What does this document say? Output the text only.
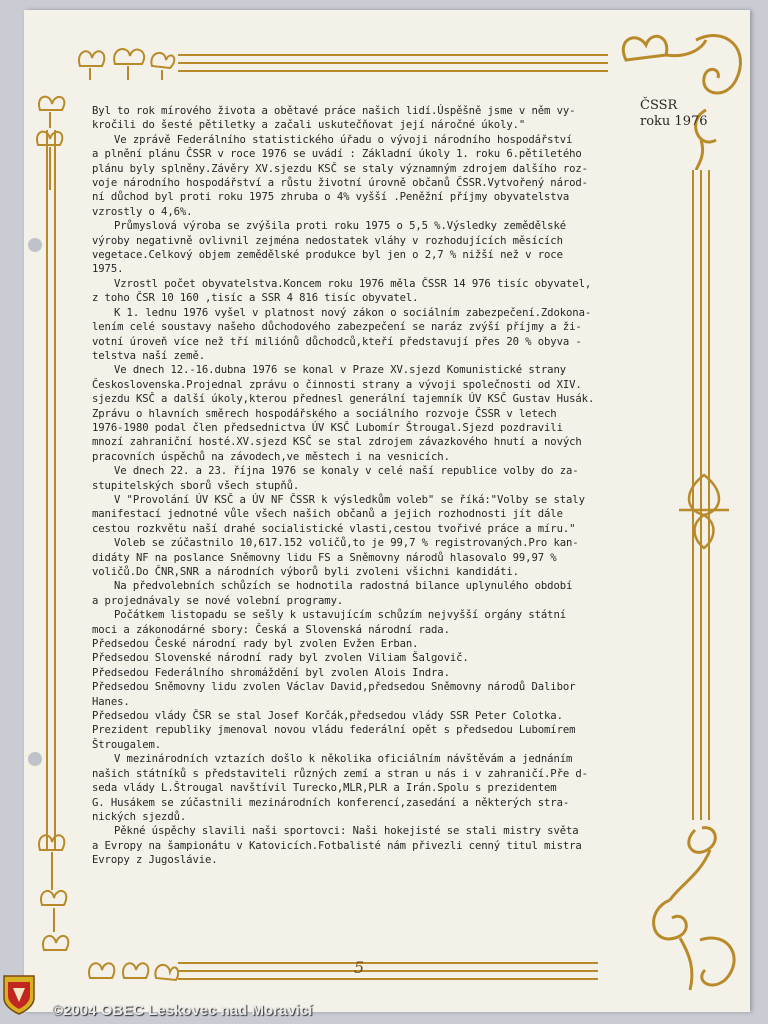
ČSSR
roku 1976

Byl to rok mírového života a obětavé práce našich lidí.Úspěšně jsme v něm vy-
kročili do šesté pětiletky a začali uskutečňovat její náročné úkoly."

Ve zprávě Federálního statistického úřadu o vývoji národního hospodářství
a plnění plánu ČSSR v roce 1976 se uvádí : Základní úkoly 1. roku 6.pětiletého
plánu byly splněny.Závěry XV.sjezdu KSČ se staly významným zdrojem dalšího roz-
voje národního hospodářství a růstu životní úrovně občanů ČSSR.Vytvořený národ-
ní důchod byl proti roku 1975 zhruba o 4% vyšší .Peněžní příjmy obyvatelstva
vzrostly o 4,6%.

Průmyslová výroba se zvýšila proti roku 1975 o 5,5 %.Výsledky zemědělské
výroby negativně ovlivnil zejména nedostatek vláhy v rozhodujících měsících
vegetace.Celkový objem zemědělské produkce byl jen o 2,7 % nižší než v roce
1975.

Vzrostl počet obyvatelstva.Koncem roku 1976 měla ČSSR 14 976 tisíc obyvatel,
z toho ČSR 10 160 ,tisíc a SSR 4 816 tisíc obyvatel.

K 1. lednu 1976 vyšel v platnost nový zákon o sociálním zabezpečení.Zdokona-
lením celé soustavy našeho důchodového zabezpečení se naráz zvýší příjmy a ži-
votní úroveň více než tří miliónů důchodců,kteří představují přes 20 % obyva -
telstva naší země.

Ve dnech 12.-16.dubna 1976 se konal v Praze XV.sjezd Komunistické strany
Československa.Projednal zprávu o činnosti strany a vývoji společnosti od XIV.
sjezdu KSČ a další úkoly,kterou přednesl generální tajemník ÚV KSČ Gustav Husák.
Zprávu o hlavních směrech hospodářského a sociálního rozvoje ČSSR v letech
1976-1980 podal člen předsednictva ÚV KSČ Lubomír Štrougal.Sjezd pozdravili
mnozí zahraniční hosté.XV.sjezd KSČ se stal zdrojem závazkového hnutí a nových
pracovních úspěchů na závodech,ve městech i na vesnicích.

Ve dnech 22. a 23. října 1976 se konaly v celé naší republice volby do za-
stupitelských sborů všech stupňů.

V "Provolání ÚV KSČ a ÚV NF ČSSR k výsledkům voleb" se říká:"Volby se staly
manifestací jednotné vůle všech našich občanů a jejich rozhodnosti jít dále
cestou rozkvětu naší drahé socialistické vlasti,cestou tvořivé práce a míru."

Voleb se zúčastnilo 10,617.152 voličů,to je 99,7 % registrovaných.Pro kan-
didáty NF na poslance Sněmovny lidu FS a Sněmovny národů hlasovalo 99,97 %
voličů.Do ČNR,SNR a národních výborů byli zvoleni všichni kandidáti.

Na předvolebních schůzích se hodnotila radostná bilance uplynulého období
a projednávaly se nové volební programy.

Počátkem listopadu se sešly k ustavujícím schůzím nejvyšší orgány státní
moci a zákonodárné sbory: Česká a Slovenská národní rada.

Předsedou České národní rady byl zvolen Evžen Erban.
Předsedou Slovenské národní rady byl zvolen Viliam Šalgovič.
Předsedou Federálního shromáždění byl zvolen Alois Indra.
Předsedou Sněmovny lidu zvolen Václav David,předsedou Sněmovny národů Dalibor
Hanes.
Předsedou vlády ČSR se stal Josef Korčák,předsedou vlády SSR Peter Colotka.
Prezident republiky jmenoval novou vládu federální opět s předsedou Lubomírem
Štrougalem.

V mezinárodních vztazích došlo k několika oficiálním návštěvám a jednáním
našich státníků s představiteli různých zemí a stran u nás i v zahraničí.Pře d-
seda vlády L.Štrougal navštívil Turecko,MLR,PLR a Irán.Spolu s prezidentem
G. Husákem se zúčastnili mezinárodních konferencí,zasedání a některých stra-
nických sjezdů.

Pěkné úspěchy slavili naši sportovci: Naši hokejisté se stali mistry světa
a Evropy na šampionátu v Katovicích.Fotbalisté nám přivezli cenný titul mistra
Evropy z Jugoslávie.

5
©2004 OBEC Leskovec nad Moravicí
